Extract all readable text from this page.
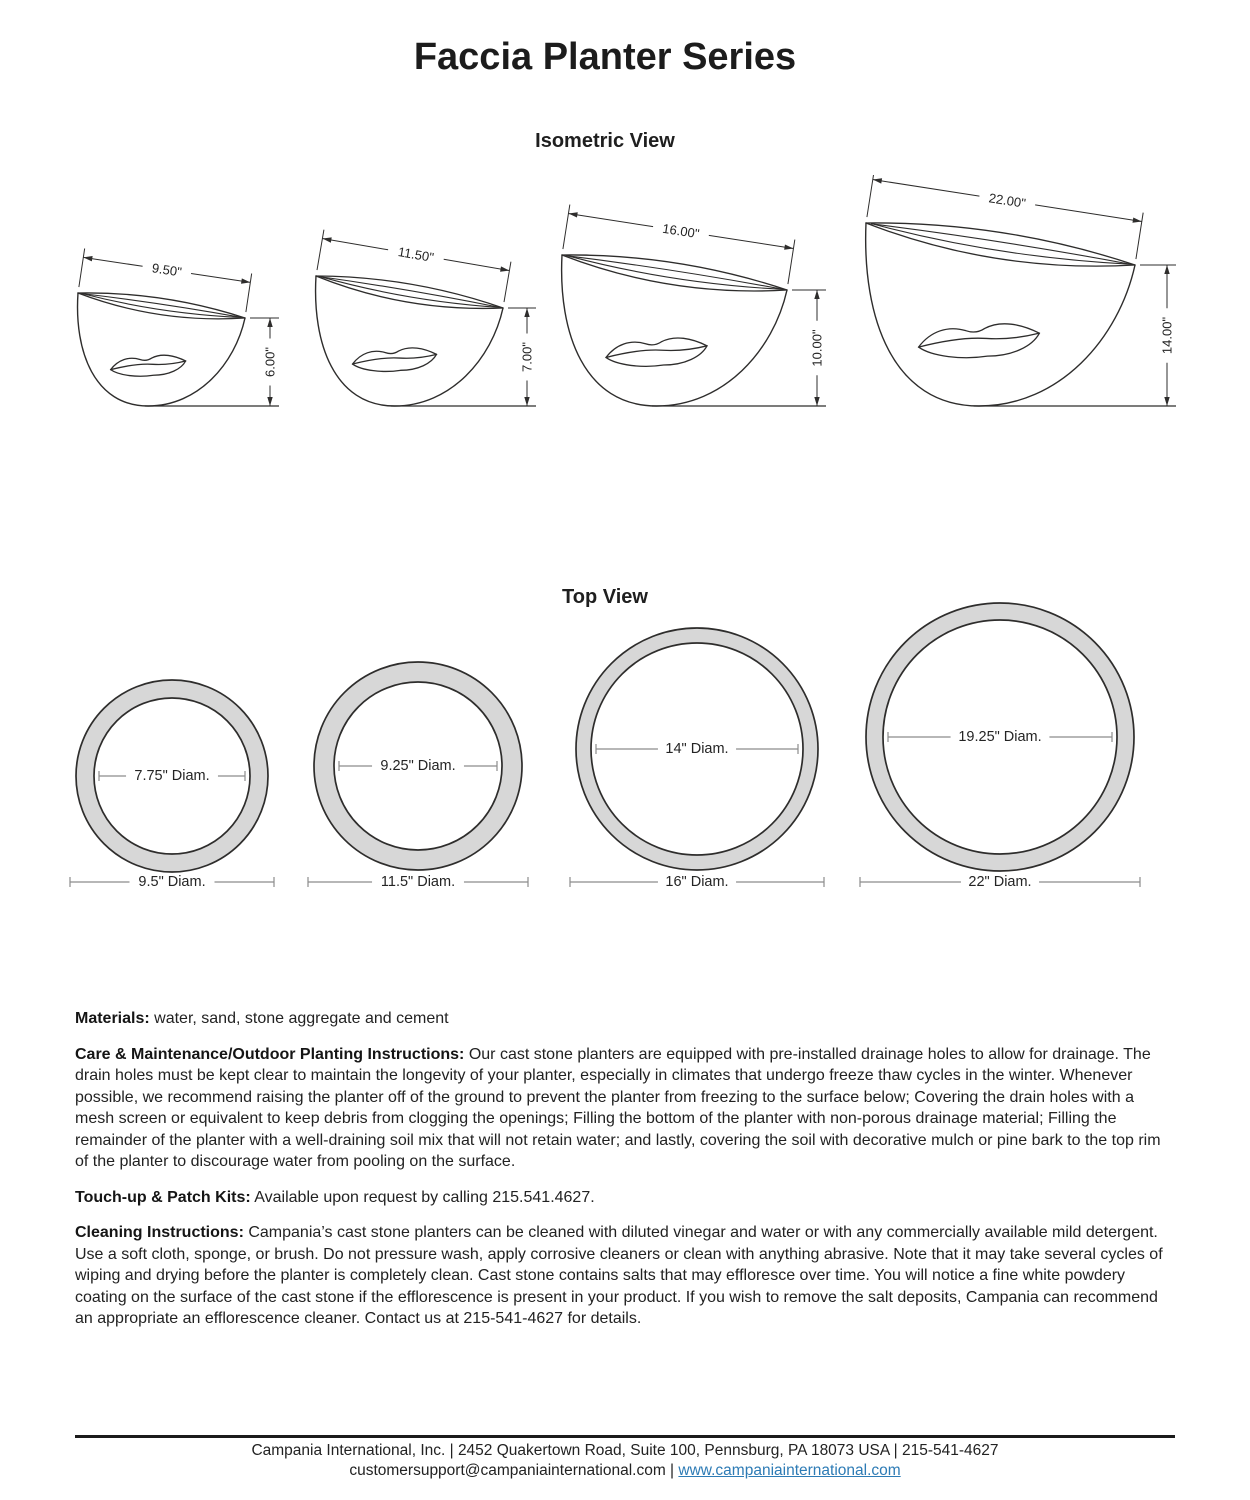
Faccia Planter Series
Isometric View
9.50"
6.00"
11.50"
7.00"
16.00"
10.00"
22.00"
14.00"
Top View
7.75" Diam.
9.5" Diam.
9.25" Diam.
11.5" Diam.
14" Diam.
16" Diam.
19.25" Diam.
22" Diam.

Materials: water, sand, stone aggregate and cement

Care & Maintenance/Outdoor Planting Instructions: Our cast stone planters are equipped with pre-installed drainage holes to allow for drainage. The drain holes must be kept clear to maintain the longevity of your planter, especially in climates that undergo freeze thaw cycles in the winter. Whenever possible, we recommend raising the planter off of the ground to prevent the planter from freezing to the surface below; Covering the drain holes with a mesh screen or equivalent to keep debris from clogging the openings; Filling the bottom of the planter with non-porous drainage material; Filling the remainder of the planter with a well-draining soil mix that will not retain water; and lastly, covering the soil with decorative mulch or pine bark to the top rim of the planter to discourage water from pooling on the surface.

Touch-up & Patch Kits: Available upon request by calling 215.541.4627.

Cleaning Instructions: Campania’s cast stone planters can be cleaned with diluted vinegar and water or with any commercially available mild detergent. Use a soft cloth, sponge, or brush. Do not pressure wash, apply corrosive cleaners or clean with anything abrasive. Note that it may take several cycles of wiping and drying before the planter is completely clean. Cast stone contains salts that may effloresce over time. You will notice a fine white powdery coating on the surface of the cast stone if the efflorescence is present in your product. If you wish to remove the salt deposits, Campania can recommend an appropriate an efflorescence cleaner. Contact us at 215-541-4627 for details.

Campania International, Inc. | 2452 Quakertown Road, Suite 100, Pennsburg, PA 18073 USA | 215-541-4627
customersupport@campaniainternational.com | www.campaniainternational.com
